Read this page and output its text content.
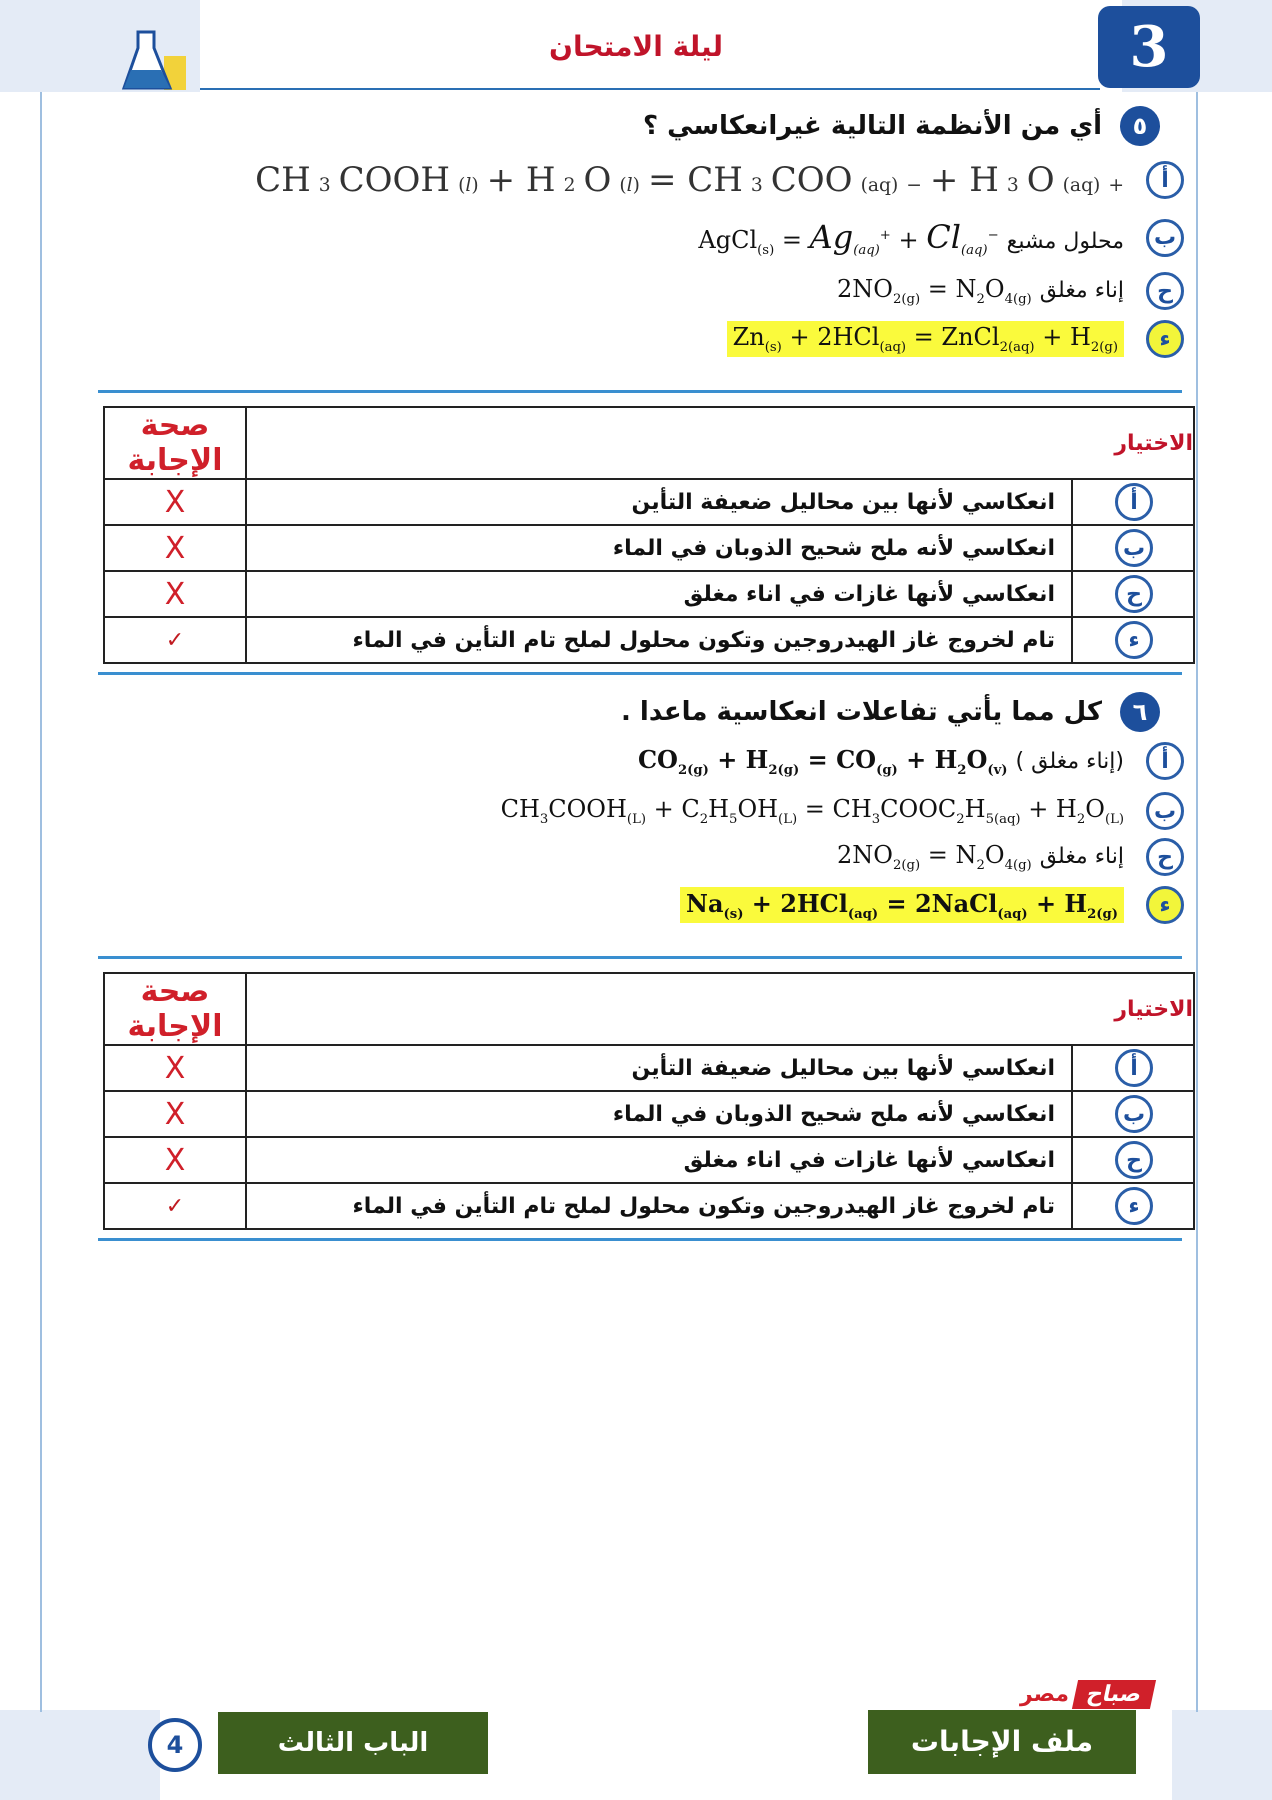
ليلة الامتحان	3
٥
أي من الأنظمة التالية غيرانعكاسي ؟
أ
CH 3 COOH (l) + H 2 O (l) = CH 3 COO (aq) − + H 3 O (aq) +
ب
محلول مشبع
AgCl$_{(s)}$ = $Ag_{(aq)}^+ + Cl_{(aq)}^-$
ح
إناء مغلق
$2NO_{2(g)} = N_2O_{4(g)}$
ء
$Zn_{(s)} + 2HCl_{(aq)}$ = ZnCl$_{2(aq)}$ + $H_{2(g)}$
الاختيار		صحة الإجابة

أ	انعكاسي لأنها بين محاليل ضعيفة التأين	X

ب	انعكاسي لأنه ملح شحيح الذوبان في الماء	X

ح	انعكاسي لأنها غازات في اناء مغلق	X

ء	تام لخروج غاز الهيدروجين وتكون محلول لملح تام التأين في الماء	✓
٦
كل مما يأتي تفاعلات انعكاسية ماعدا .
أ
(إناء مغلق )
$CO_{2(g)} + H_{2(g)} = CO_{(g)} + H_2O_{(v)}$
ب
$CH_3COOH_{(L)} + C_2H_5OH_{(L)}$ = $CH_3COOC_2H_{5(aq)} + H_2O_{(L)}$
ح
إناء مغلق
$2NO_{2(g)} = N_2O_{4(g)}$
ء
$Na_{(s)} + 2HCl_{(aq)}$ = 2NaCl$_{(aq)}$ + $H_{2(g)}$
الاختيار		صحة الإجابة

أ	انعكاسي لأنها بين محاليل ضعيفة التأين	X

ب	انعكاسي لأنه ملح شحيح الذوبان في الماء	X

ح	انعكاسي لأنها غازات في اناء مغلق	X

ء	تام لخروج غاز الهيدروجين وتكون محلول لملح تام التأين في الماء	✓
صباح
مصر
ملف الإجابات
الباب الثالث
4
